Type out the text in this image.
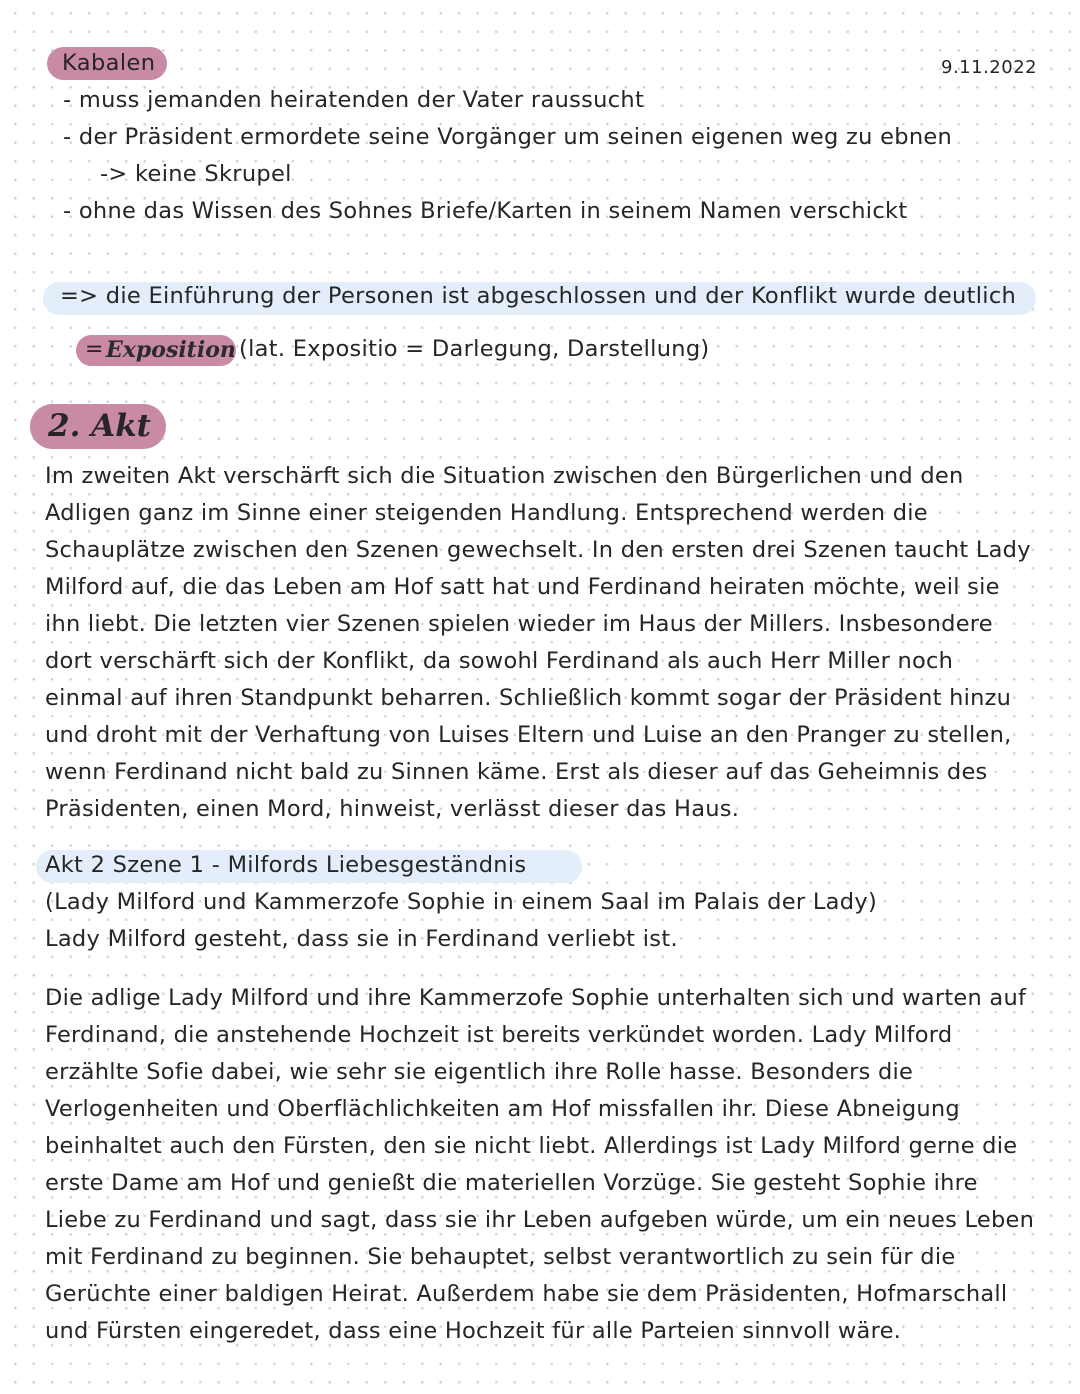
9.11.2022
Kabalen
- muss jemanden heiratenden der Vater raussucht
- der Präsident ermordete seine Vorgänger um seinen eigenen weg zu ebnen
-> keine Skrupel
- ohne das Wissen des Sohnes Briefe/Karten in seinem Namen verschickt
=> die Einführung der Personen ist abgeschlossen und der Konflikt wurde deutlich
=
Exposition (lat. Expositio = Darlegung, Darstellung)
2. Akt
Im zweiten Akt verschärft sich die Situation zwischen den Bürgerlichen und den
Adligen ganz im Sinne einer steigenden Handlung. Entsprechend werden die
Schauplätze zwischen den Szenen gewechselt. In den ersten drei Szenen taucht Lady
Milford auf, die das Leben am Hof satt hat und Ferdinand heiraten möchte, weil sie
ihn liebt. Die letzten vier Szenen spielen wieder im Haus der Millers. Insbesondere
dort verschärft sich der Konflikt, da sowohl Ferdinand als auch Herr Miller noch
einmal auf ihren Standpunkt beharren. Schließlich kommt sogar der Präsident hinzu
und droht mit der Verhaftung von Luises Eltern und Luise an den Pranger zu stellen,
wenn Ferdinand nicht bald zu Sinnen käme. Erst als dieser auf das Geheimnis des
Präsidenten, einen Mord, hinweist, verlässt dieser das Haus.
Akt 2 Szene 1 - Milfords Liebesgeständnis
(Lady Milford und Kammerzofe Sophie in einem Saal im Palais der Lady)
Lady Milford gesteht, dass sie in Ferdinand verliebt ist.
Die adlige Lady Milford und ihre Kammerzofe Sophie unterhalten sich und warten auf
Ferdinand, die anstehende Hochzeit ist bereits verkündet worden. Lady Milford
erzählte Sofie dabei, wie sehr sie eigentlich ihre Rolle hasse. Besonders die
Verlogenheiten und Oberflächlichkeiten am Hof missfallen ihr. Diese Abneigung
beinhaltet auch den Fürsten, den sie nicht liebt. Allerdings ist Lady Milford gerne die
erste Dame am Hof und genießt die materiellen Vorzüge. Sie gesteht Sophie ihre
Liebe zu Ferdinand und sagt, dass sie ihr Leben aufgeben würde, um ein neues Leben
mit Ferdinand zu beginnen. Sie behauptet, selbst verantwortlich zu sein für die
Gerüchte einer baldigen Heirat. Außerdem habe sie dem Präsidenten, Hofmarschall
und Fürsten eingeredet, dass eine Hochzeit für alle Parteien sinnvoll wäre.
